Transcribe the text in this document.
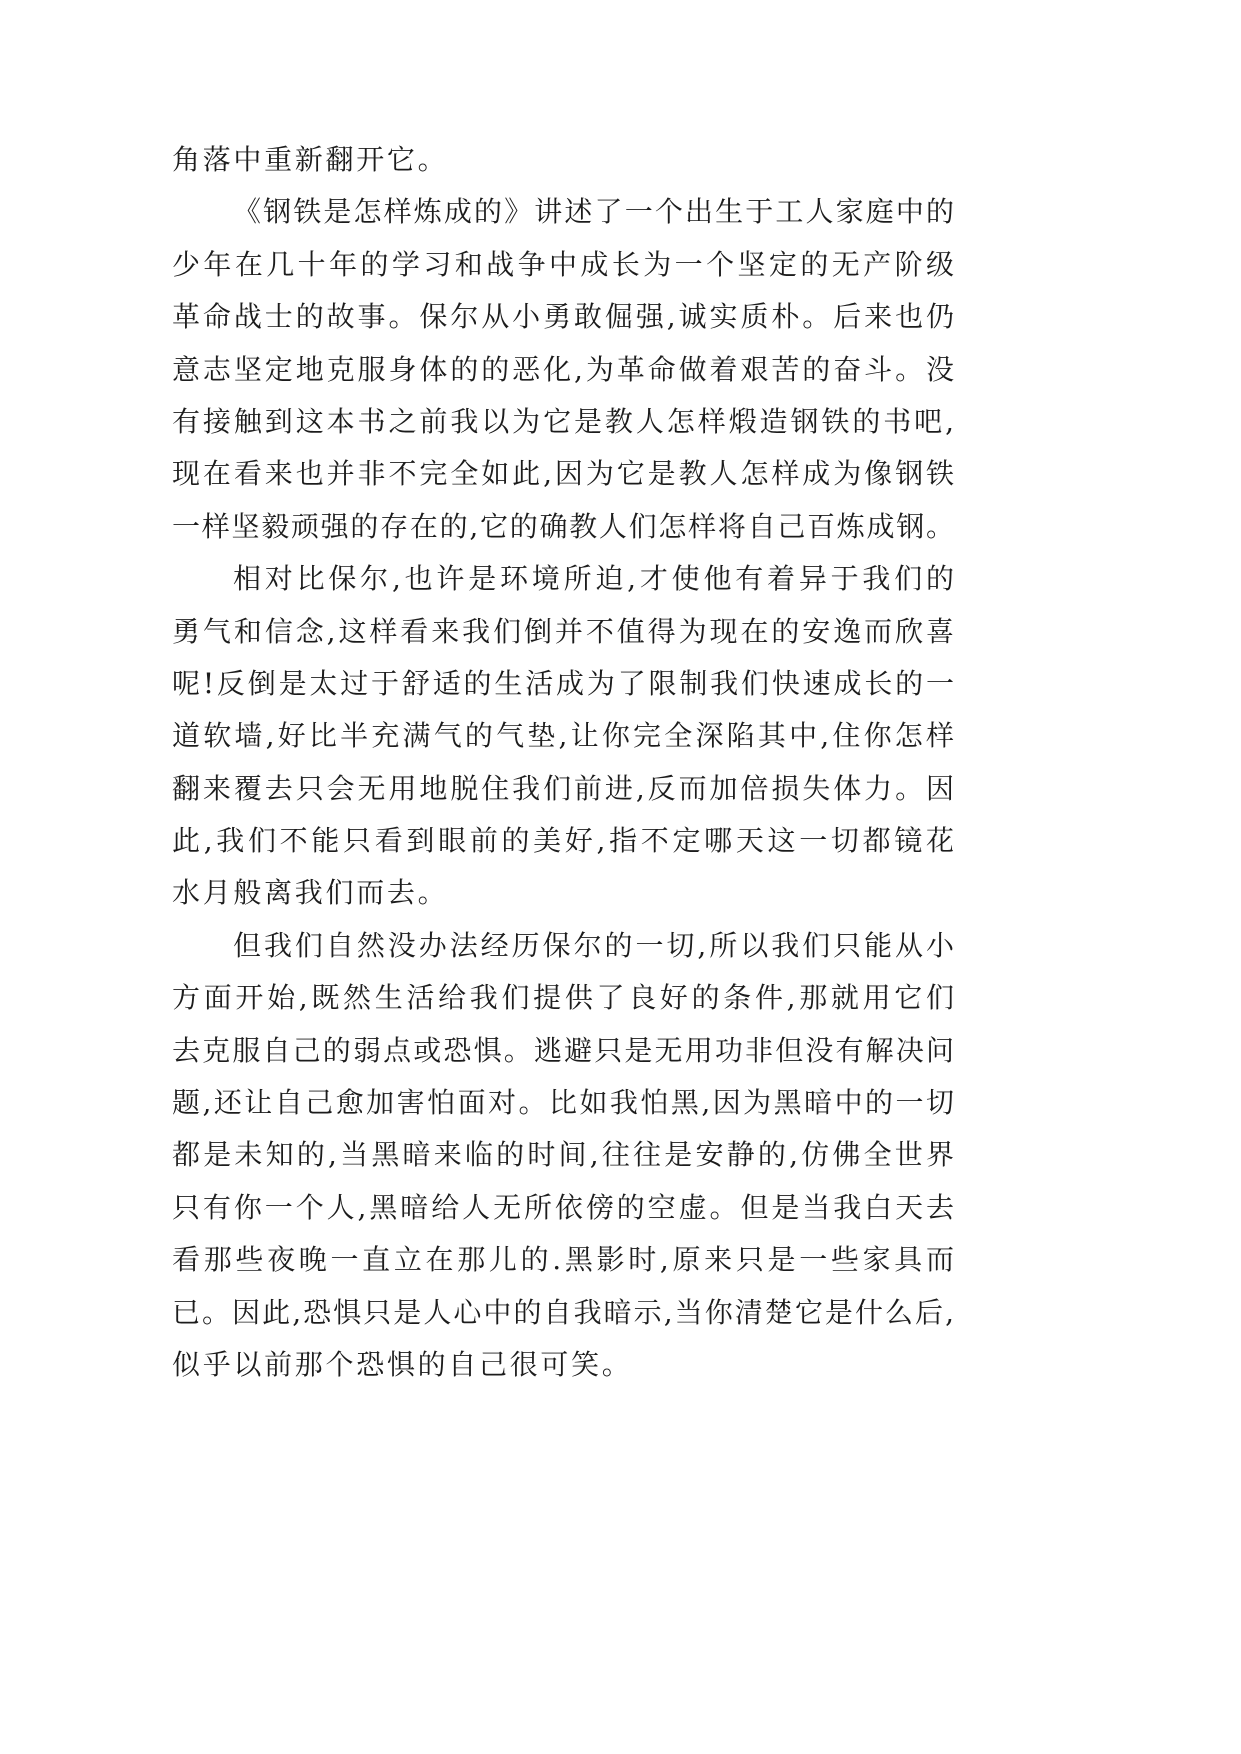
角落中重新翻开它。
《钢铁是怎样炼成的》讲述了一个出生于工人家庭中的
少年在几十年的学习和战争中成长为一个坚定的无产阶级
革命战士的故事。保尔从小勇敢倔强,诚实质朴。后来也仍
意志坚定地克服身体的的恶化,为革命做着艰苦的奋斗。没
有接触到这本书之前我以为它是教人怎样煅造钢铁的书吧,
现在看来也并非不完全如此,因为它是教人怎样成为像钢铁
一样坚毅顽强的存在的,它的确教人们怎样将自己百炼成钢。
相对比保尔,也许是环境所迫,才使他有着异于我们的
勇气和信念,这样看来我们倒并不值得为现在的安逸而欣喜
呢!反倒是太过于舒适的生活成为了限制我们快速成长的一
道软墙,好比半充满气的气垫,让你完全深陷其中,住你怎样
翻来覆去只会无用地脱住我们前进,反而加倍损失体力。因
此,我们不能只看到眼前的美好,指不定哪天这一切都镜花
水月般离我们而去。
但我们自然没办法经历保尔的一切,所以我们只能从小
方面开始,既然生活给我们提供了良好的条件,那就用它们
去克服自己的弱点或恐惧。逃避只是无用功非但没有解决问
题,还让自己愈加害怕面对。比如我怕黑,因为黑暗中的一切
都是未知的,当黑暗来临的时间,往往是安静的,仿佛全世界
只有你一个人,黑暗给人无所依傍的空虚。但是当我白天去
看那些夜晚一直立在那儿的.黑影时,原来只是一些家具而
已。因此,恐惧只是人心中的自我暗示,当你清楚它是什么后,
似乎以前那个恐惧的自己很可笑。
